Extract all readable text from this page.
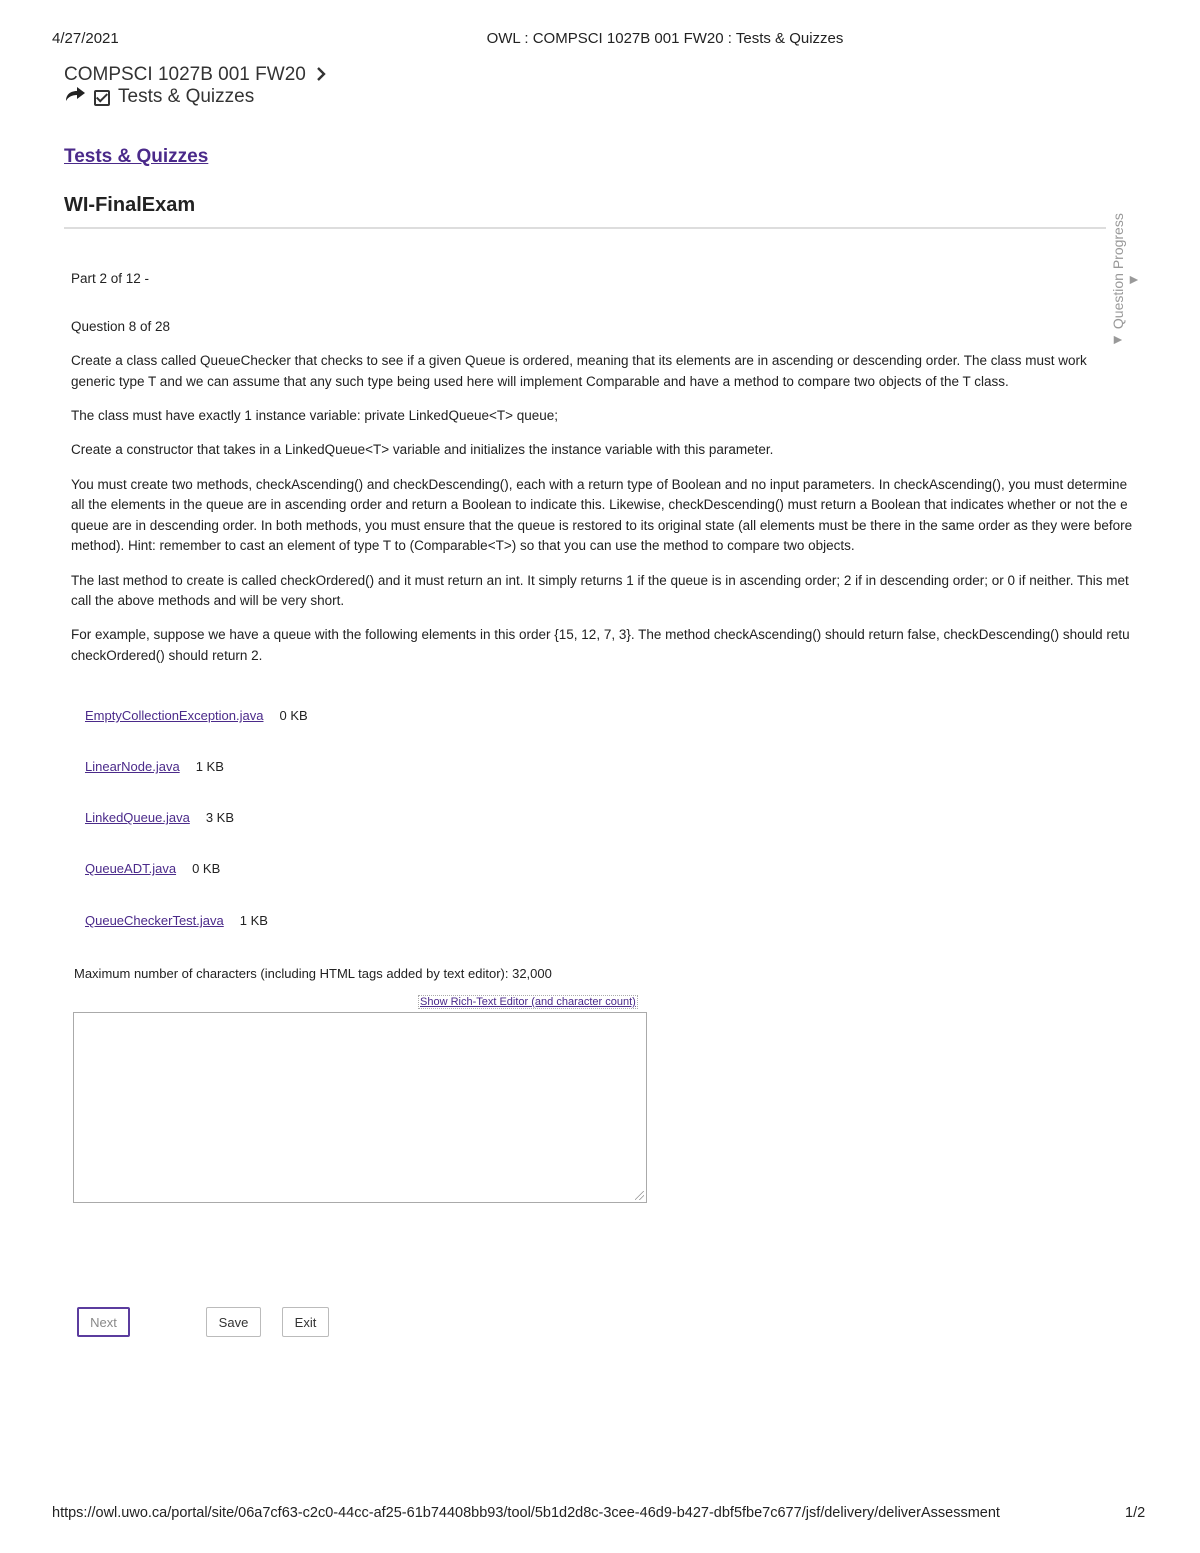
4/27/2021	OWL : COMPSCI 1027B 001 FW20 : Tests & Quizzes
COMPSCI 1027B 001 FW20
Tests & Quizzes
Tests & Quizzes
WI-FinalExam
◄ Question Progress ◄
Part 2 of 12 -
Question 8 of 28
Create a class called QueueChecker that checks to see if a given Queue is ordered, meaning that its elements are in ascending or descending order. The class must work
generic type T and we can assume that any such type being used here will implement Comparable and have a method to compare two objects of the T class.
The class must have exactly 1 instance variable: private LinkedQueue<T> queue;
Create a constructor that takes in a LinkedQueue<T> variable and initializes the instance variable with this parameter.
You must create two methods, checkAscending() and checkDescending(), each with a return type of Boolean and no input parameters. In checkAscending(), you must determine
all the elements in the queue are in ascending order and return a Boolean to indicate this. Likewise, checkDescending() must return a Boolean that indicates whether or not the e
queue are in descending order. In both methods, you must ensure that the queue is restored to its original state (all elements must be there in the same order as they were before
method). Hint: remember to cast an element of type T to (Comparable<T>) so that you can use the method to compare two objects.
The last method to create is called checkOrdered() and it must return an int. It simply returns 1 if the queue is in ascending order; 2 if in descending order; or 0 if neither. This met
call the above methods and will be very short.
For example, suppose we have a queue with the following elements in this order {15, 12, 7, 3}. The method checkAscending() should return false, checkDescending() should retu
checkOrdered() should return 2.
EmptyCollectionException.java 0 KB
LinearNode.java 1 KB
LinkedQueue.java 3 KB
QueueADT.java 0 KB
QueueCheckerTest.java 1 KB
Maximum number of characters (including HTML tags added by text editor): 32,000
Show Rich-Text Editor (and character count)
Next	Save	Exit
https://owl.uwo.ca/portal/site/06a7cf63-c2c0-44cc-af25-61b74408bb93/tool/5b1d2d8c-3cee-46d9-b427-dbf5fbe7c677/jsf/delivery/deliverAssessment	1/2
